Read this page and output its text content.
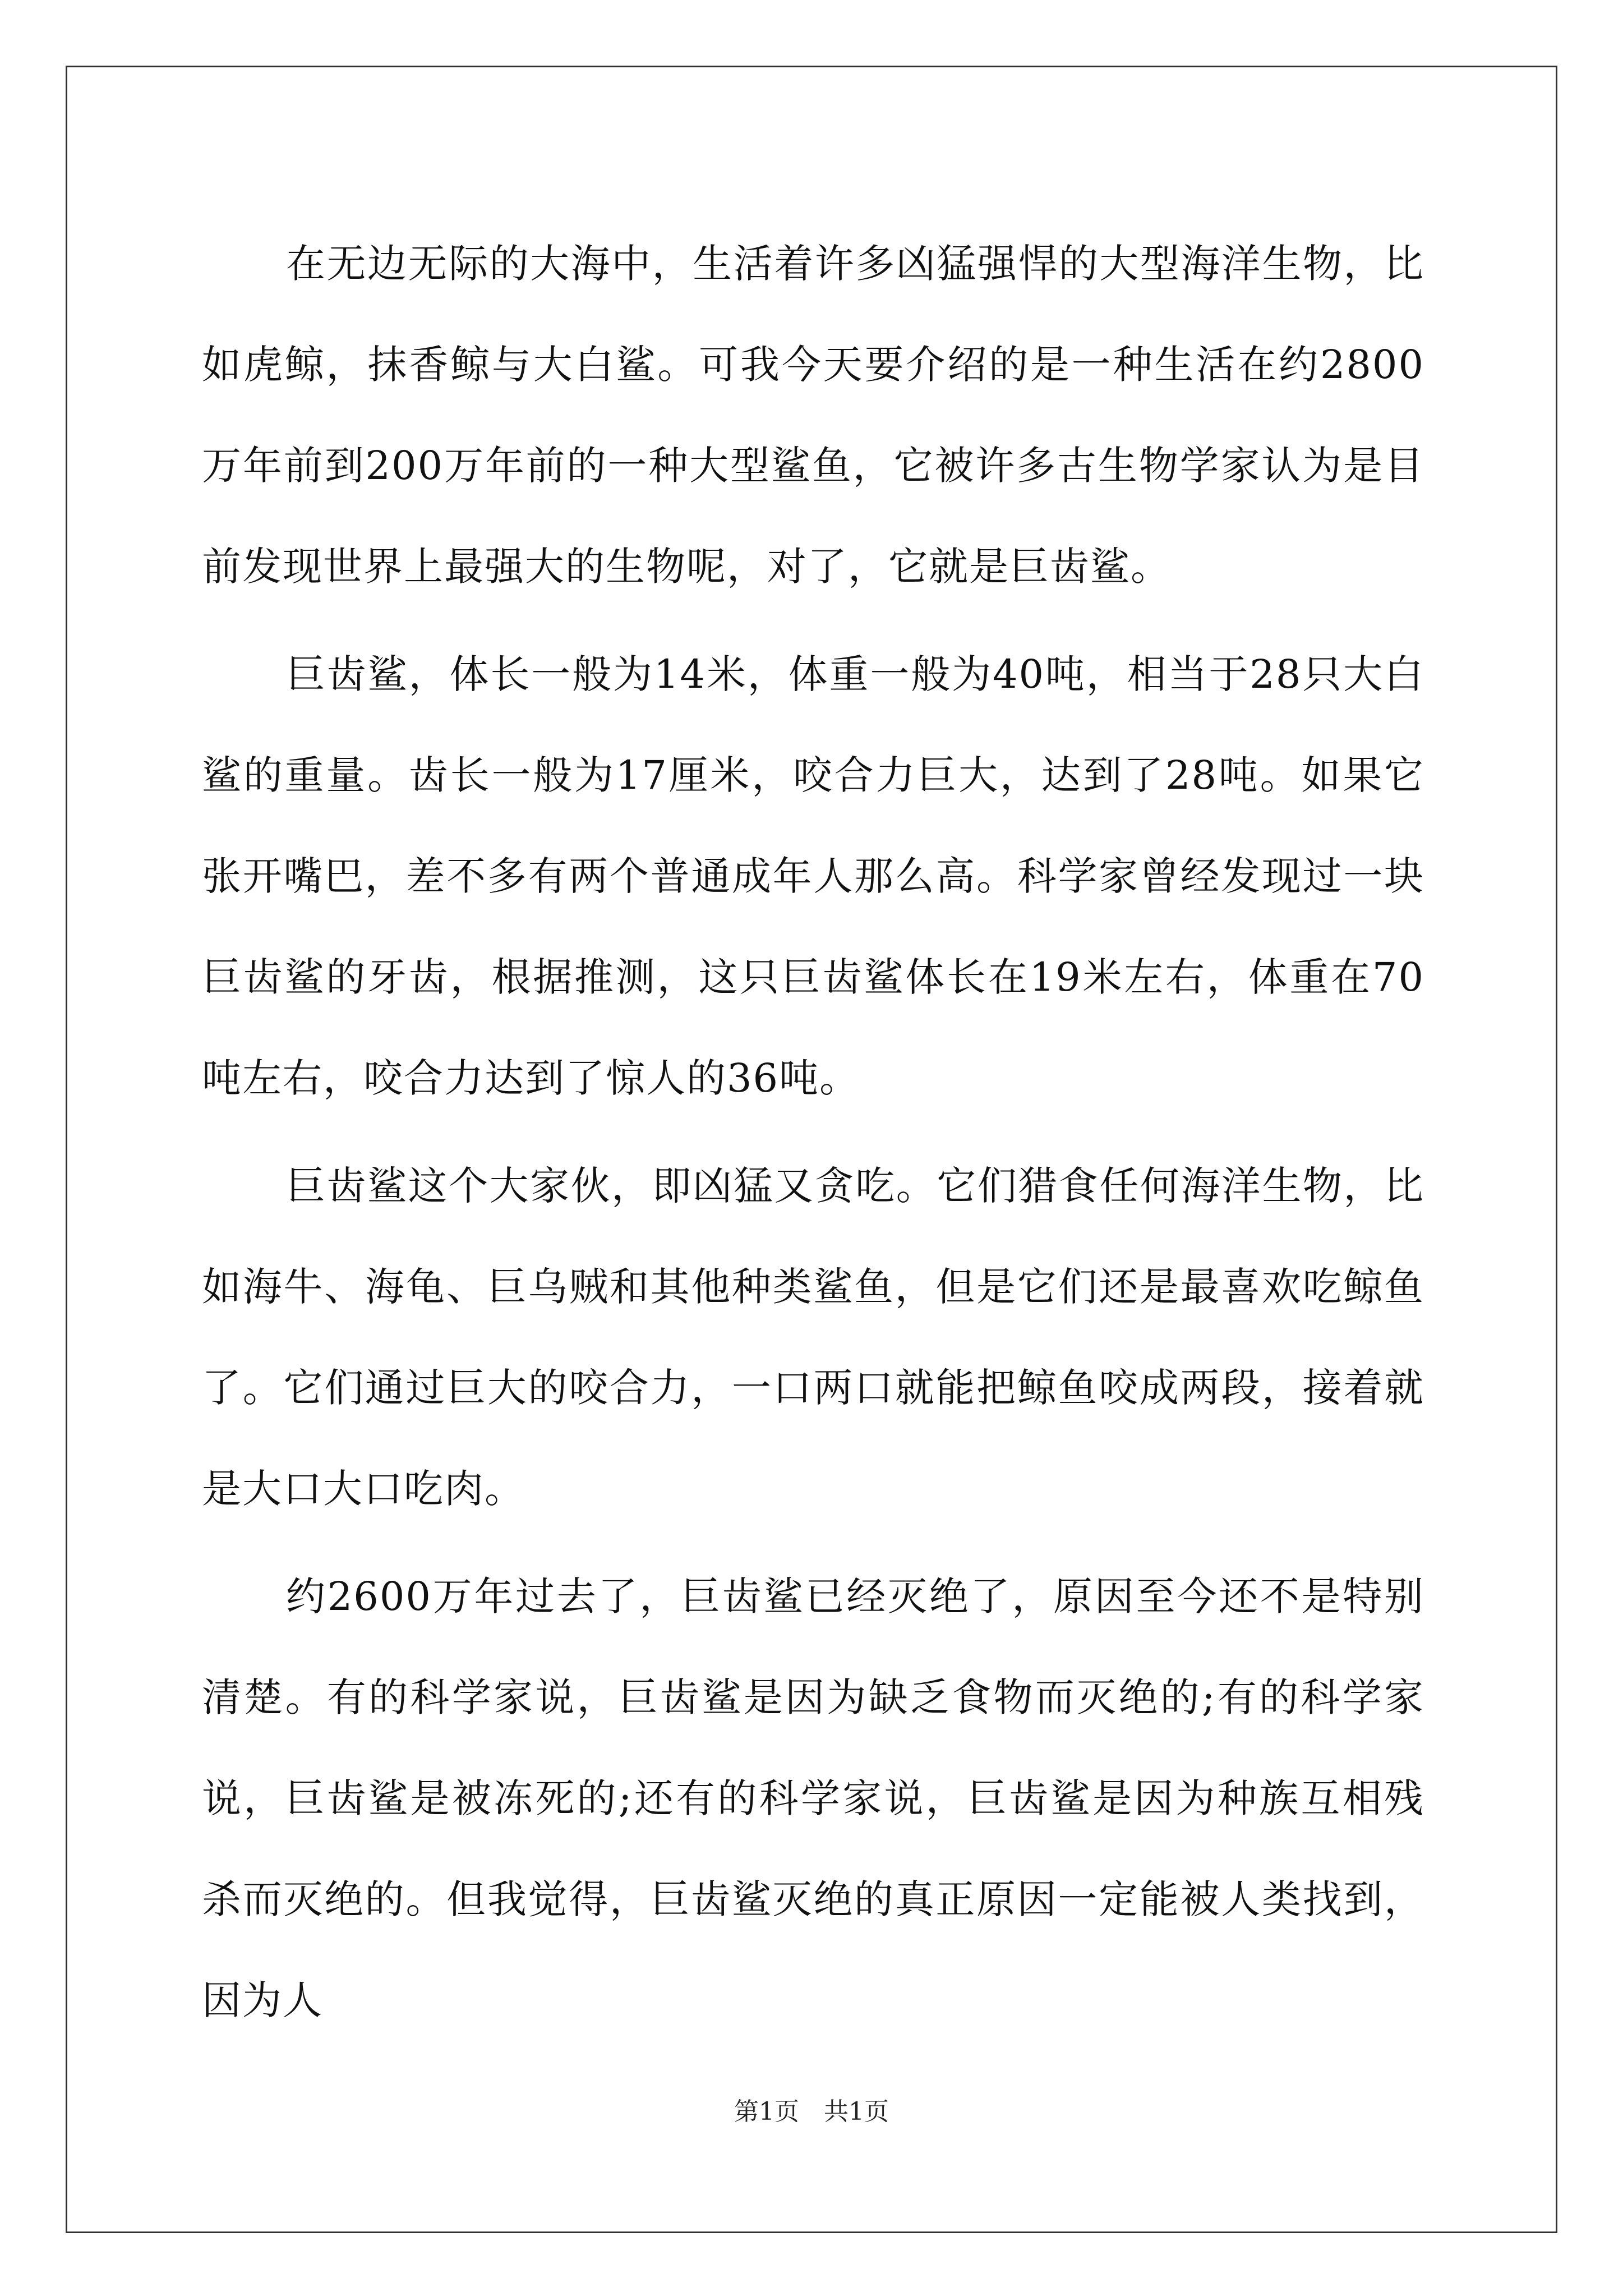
在无边无际的大海中，生活着许多凶猛强悍的大型海洋生物，比如虎鲸，抹香鲸与大白鲨。可我今天要介绍的是一种生活在约2800万年前到200万年前的一种大型鲨鱼，它被许多古生物学家认为是目前发现世界上最强大的生物呢，对了，它就是巨齿鲨。

巨齿鲨，体长一般为14米，体重一般为40吨，相当于28只大白鲨的重量。齿长一般为17厘米，咬合力巨大，达到了28吨。如果它张开嘴巴，差不多有两个普通成年人那么高。科学家曾经发现过一块巨齿鲨的牙齿，根据推测，这只巨齿鲨体长在19米左右，体重在70吨左右，咬合力达到了惊人的36吨。

巨齿鲨这个大家伙，即凶猛又贪吃。它们猎食任何海洋生物，比如海牛、海龟、巨乌贼和其他种类鲨鱼，但是它们还是最喜欢吃鲸鱼了。它们通过巨大的咬合力，一口两口就能把鲸鱼咬成两段，接着就是大口大口吃肉。

约2600万年过去了，巨齿鲨已经灭绝了，原因至今还不是特别清楚。有的科学家说，巨齿鲨是因为缺乏食物而灭绝的;有的科学家说，巨齿鲨是被冻死的;还有的科学家说，巨齿鲨是因为种族互相残杀而灭绝的。但我觉得，巨齿鲨灭绝的真正原因一定能被人类找到，因为人

第1页 共1页
